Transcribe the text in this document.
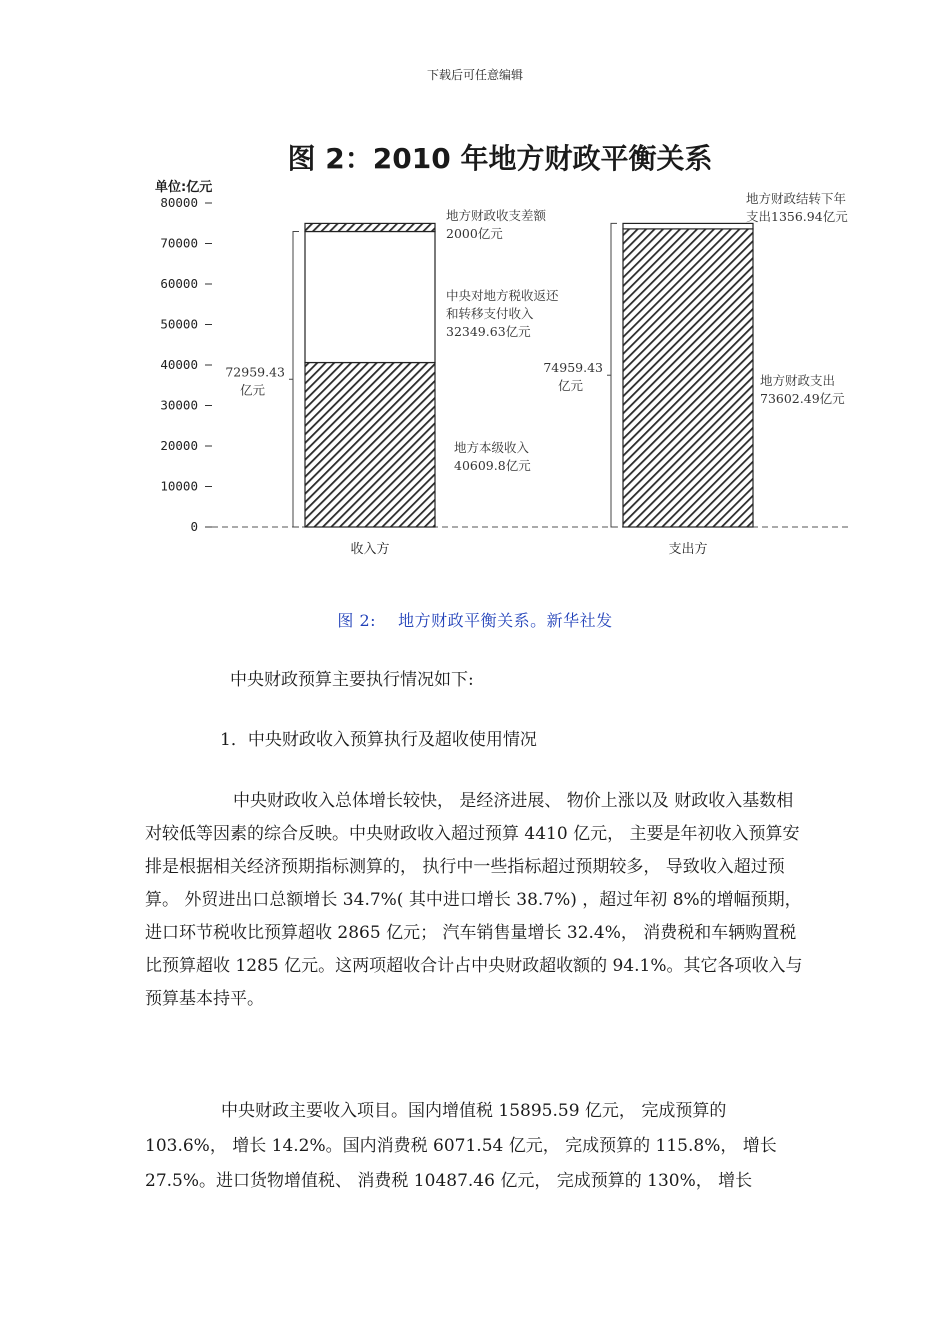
下载后可任意编辑
图 2：2010 年地方财政平衡关系
单位:亿元
0
10000
20000
30000
40000
50000
60000
70000
80000
收入方	支出方
72959.43
亿元
74959.43
亿元
地方财政收支差额
2000亿元
中央对地方税收返还
和转移支付收入
32349.63亿元
地方本级收入
40609.8亿元
地方财政结转下年
支出1356.94亿元
地方财政支出
73602.49亿元
图 2: 地方财政平衡关系。新华社发
中央财政预算主要执行情况如下:
1．中央财政收入预算执行及超收使用情况
中央财政收入总体增长较快， 是经济进展、 物价上涨以及 财政收入基数相对较低等因素的综合反映。中央财政收入超过预算 4410 亿元， 主要是年初收入预算安排是根据相关经济预期指标测算的， 执行中一些指标超过预期较多， 导致收入超过预算。 外贸进出口总额增长 34.7%( 其中进口增长 38.7%) ，超过年初 8%的增幅预期， 进口环节税收比预算超收 2865 亿元； 汽车销售量增长 32.4%， 消费税和车辆购置税比预算超收 1285 亿元。这两项超收合计占中央财政超收额的 94.1%。其它各项收入与预算基本持平。
中央财政主要收入项目。国内增值税 15895.59 亿元， 完成预算的 103.6%， 增长 14.2%。国内消费税 6071.54 亿元， 完成预算的 115.8%， 增长 27.5%。进口货物增值税、 消费税 10487.46 亿元， 完成预算的 130%， 增长
